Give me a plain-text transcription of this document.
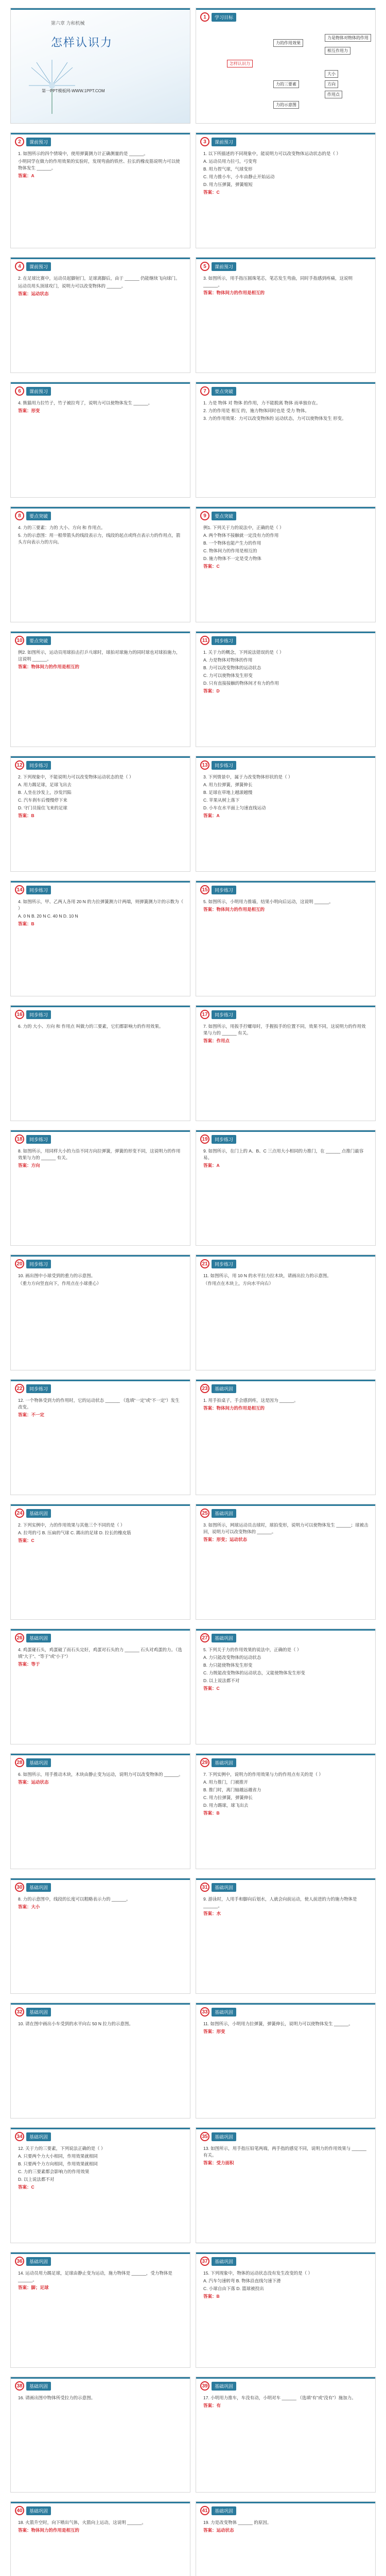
第六章 力和机械
怎样认识力
第一PPT模板网-WWW.1PPT.COM
1	学习目标
怎样认识力
力的作用效果
力是物体对物体的作用
相互作用力
力的三要素
力的示意图
大小
方向
作用点
2	课前预习

1. 如图所示的四个情境中，使用弹簧测力计正确测量的是 ______。

小明同学在做力的作用效果的实验时，发现弯曲的铁丝、拉长的橡皮筋说明力可以使物体发生 ______。

答案：A

3	课前预习

1. 以下所描述的不同现象中，能说明力可以改变物体运动状态的是（ ）

A. 运动员用力拉弓，弓变弯

B. 用力捏气球，气球变形

C. 用力推小车，小车由静止开始运动

D. 用力压弹簧，弹簧缩短

答案：C

4	课前预习

2. 在足球比赛中，运动员起脚射门，足球离脚后，由于 ______ 仍能继续飞向球门。

运动员用头顶球攻门，说明力可以改变物体的 ______。

答案：运动状态

5	课前预习

3. 如图所示，用手指压圆珠笔芯，笔芯发生弯曲，同时手指感到疼痛，这说明 ______。

答案：物体间力的作用是相互的

6	课前预习

4. 熊猫用力拉竹子，竹子被拉弯了，说明力可以使物体发生 ______。

答案：形变

7	要点突破

1. 力是 物体 对 物体 的作用，力不能脱离 物体 而单独存在。

2. 力的作用是 相互 的，施力物体同时也是 受力 物体。

3. 力的作用效果：力可以改变物体的 运动状态，力可以使物体发生 形变。

8	要点突破

4. 力的三要素：力的 大小、方向 和 作用点。

5. 力的示意图：用一根带箭头的线段表示力，线段的起点或终点表示力的作用点，箭头方向表示力的方向。

9	要点突破

例1. 下列关于力的说法中，正确的是（ ）

A. 两个物体不接触就一定没有力的作用

B. 一个物体也能产生力的作用

C. 物体间力的作用是相互的

D. 施力物体不一定是受力物体

答案：C

10	要点突破

例2. 如图所示，运动员用球拍击打乒乓球时，球拍对球施力的同时球也对球拍施力，这说明 ______。

答案：物体间力的作用是相互的

11	同步练习

1. 关于力的概念，下列说法错误的是（ ）

A. 力是物体对物体的作用

B. 力可以改变物体的运动状态

C. 力可以使物体发生形变

D. 只有直接接触的物体间才有力的作用

答案：D

12	同步练习

2. 下列现象中，不能说明力可以改变物体运动状态的是（ ）

A. 用力踢足球，足球飞出去

B. 人坐在沙发上，沙发凹陷

C. 汽车刹车后慢慢停下来

D. 守门员接住飞来的足球

答案：B

13	同步练习

3. 下列情景中，属于力改变物体形状的是（ ）

A. 用力拉弹簧，弹簧伸长

B. 足球在草地上越滚越慢

C. 苹果从树上落下

D. 小车在水平面上匀速直线运动

答案：A

14	同步练习

4. 如图所示，甲、乙两人各用 20 N 的力拉弹簧测力计两端，则弹簧测力计的示数为（ ）

A. 0 N B. 20 N C. 40 N D. 10 N

答案：B

15	同步练习

5. 如图所示，小明用力推墙，结果小明向后运动，这说明 ______。

答案：物体间力的作用是相互的

16	同步练习

6. 力的 大小、方向 和 作用点 叫做力的三要素，它们都影响力的作用效果。

17	同步练习

7. 如图所示，用扳手拧螺母时，手握扳手的位置不同，效果不同，这说明力的作用效果与力的 ______ 有关。

答案：作用点

18	同步练习

8. 如图所示，用同样大小的力沿不同方向拉弹簧，弹簧的形变不同，这说明力的作用效果与力的 ______ 有关。

答案：方向

19	同步练习

9. 如图所示，在门上的 A、B、C 三点用大小相同的力推门，在 ______ 点推门最容易。

答案：A

20	同步练习

10. 画出图中小球受到的重力的示意图。

（重力方向竖直向下，作用点在小球重心）

21	同步练习

11. 如图所示，用 10 N 的水平拉力拉木块，请画出拉力的示意图。

（作用点在木块上，方向水平向右）

22	同步练习

12. 一个物体受到力的作用时，它的运动状态 ______ （选填“一定”或“不一定”）发生改变。

答案：不一定

23	基础巩固

1. 用手拍桌子，手会感到疼，这是因为 ______。

答案：物体间力的作用是相互的

24	基础巩固

2. 下列实例中，力的作用效果与其他三个不同的是（ ）

A. 拉弯的弓 B. 压扁的气球 C. 踢出的足球 D. 拉长的橡皮筋

答案：C

25	基础巩固

3. 如图所示，网球运动员击球时，球拍变形，说明力可以使物体发生 ______；球被击回，说明力可以改变物体的 ______。

答案：形变；运动状态

26	基础巩固

4. 鸡蛋碰石头，鸡蛋破了而石头完好，鸡蛋对石头的力 ______ 石头对鸡蛋的力。（选填“大于”、“等于”或“小于”）

答案：等于

27	基础巩固

5. 下列关于力的作用效果的说法中，正确的是（ ）

A. 力只能改变物体的运动状态

B. 力只能使物体发生形变

C. 力既能改变物体的运动状态，又能使物体发生形变

D. 以上说法都不对

答案：C

28	基础巩固

6. 如图所示，用手推动木块，木块由静止变为运动，说明力可以改变物体的 ______。

答案：运动状态

29	基础巩固

7. 下列实例中，说明力的作用效果与力的作用点有关的是（ ）

A. 用力推门，门被推开

B. 推门时，离门轴越远越省力

C. 用力拉弹簧，弹簧伸长

D. 用力踢球，球飞出去

答案：B

30	基础巩固

8. 力的示意图中，线段的长度可以粗略表示力的 ______。

答案：大小

31	基础巩固

9. 游泳时，人用手和脚向后划水，人就会向前运动，使人前进的力的施力物体是 ______。

答案：水

32	基础巩固

10. 请在图中画出小车受到的水平向右 50 N 拉力的示意图。

33	基础巩固

11. 如图所示，小明用力拉弹簧，弹簧伸长，说明力可以使物体发生 ______。

答案：形变

34	基础巩固

12. 关于力的三要素，下列说法正确的是（ ）

A. 只要两个力大小相同，作用效果就相同

B. 只要两个力方向相同，作用效果就相同

C. 力的三要素都会影响力的作用效果

D. 以上说法都不对

答案：C

35	基础巩固

13. 如图所示，用手指压铅笔两端，两手指的感觉不同，说明力的作用效果与 ______ 有关。

答案：受力面积

36	基础巩固

14. 运动员用力踢足球，足球由静止变为运动，施力物体是 ______，受力物体是 ______。

答案：脚；足球

37	基础巩固

15. 下列现象中，物体的运动状态没有发生改变的是（ ）

A. 汽车匀速转弯 B. 物体沿直线匀速下滑

C. 小球自由下落 D. 篮球被投出

答案：B

38	基础巩固

16. 请画出图中物体所受拉力的示意图。

39	基础巩固

17. 小明用力推车，车没有动，小明对车 ______ （选填“有”或“没有”）施加力。

答案：有

40	基础巩固

18. 火箭升空时，向下喷出气体，火箭向上运动，这说明 ______。

答案：物体间力的作用是相互的

41	基础巩固

19. 力是改变物体 ______ 的原因。

答案：运动状态
